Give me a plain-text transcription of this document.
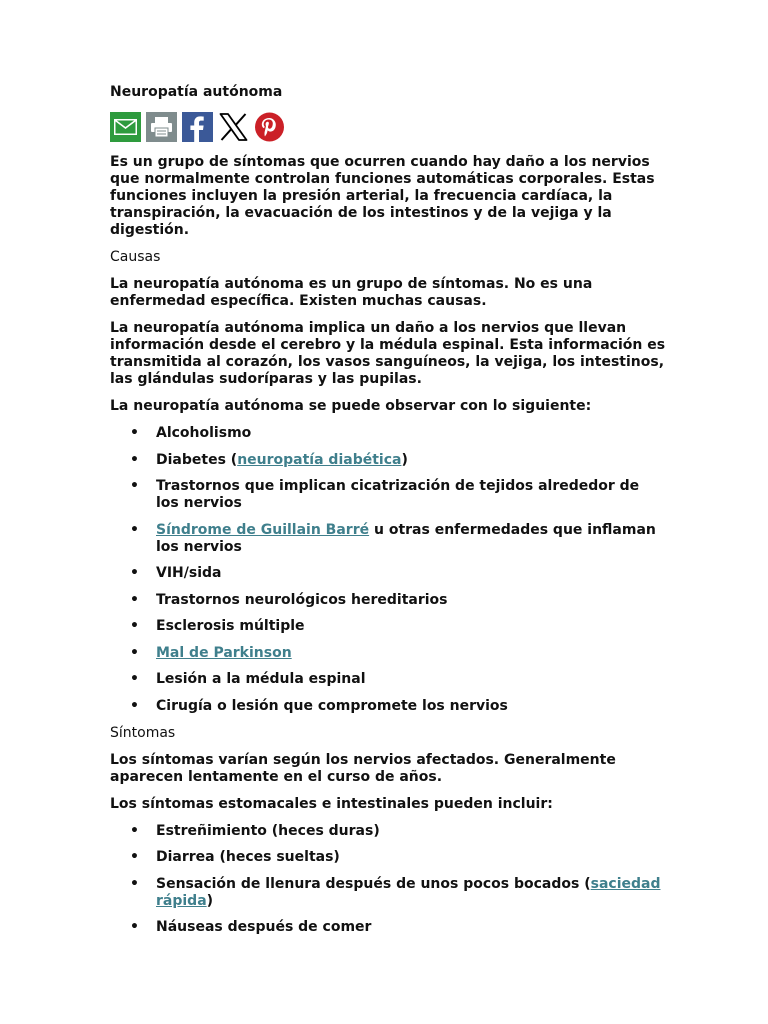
Neuropatía autónoma

Es un grupo de síntomas que ocurren cuando hay daño a los nervios que normalmente controlan funciones automáticas corporales. Estas funciones incluyen la presión arterial, la frecuencia cardíaca, la transpiración, la evacuación de los intestinos y de la vejiga y la digestión.

Causas

La neuropatía autónoma es un grupo de síntomas. No es una enfermedad específica. Existen muchas causas.

La neuropatía autónoma implica un daño a los nervios que llevan información desde el cerebro y la médula espinal. Esta información es transmitida al corazón, los vasos sanguíneos, la vejiga, los intestinos, las glándulas sudoríparas y las pupilas.

La neuropatía autónoma se puede observar con lo siguiente:

• Alcoholismo
• Diabetes (neuropatía diabética)
• Trastornos que implican cicatrización de tejidos alrededor de los nervios
• Síndrome de Guillain Barré u otras enfermedades que inflaman los nervios
• VIH/sida
• Trastornos neurológicos hereditarios
• Esclerosis múltiple
• Mal de Parkinson
• Lesión a la médula espinal
• Cirugía o lesión que compromete los nervios

Síntomas

Los síntomas varían según los nervios afectados. Generalmente aparecen lentamente en el curso de años.

Los síntomas estomacales e intestinales pueden incluir:

• Estreñimiento (heces duras)
• Diarrea (heces sueltas)
• Sensación de llenura después de unos pocos bocados (saciedad rápida)
• Náuseas después de comer
